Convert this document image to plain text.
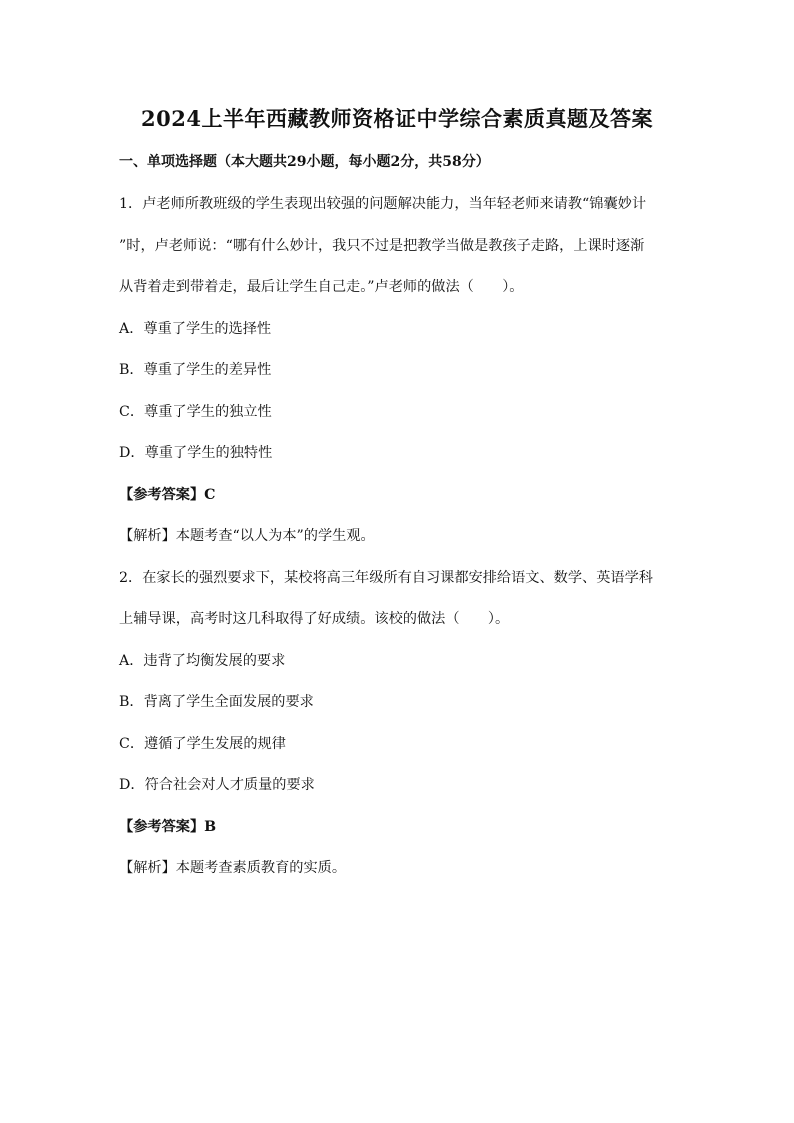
2024上半年西藏教师资格证中学综合素质真题及答案
一、单项选择题（本大题共29小题，每小题2分，共58分）
1．卢老师所教班级的学生表现出较强的问题解决能力，当年轻老师来请教“锦囊妙计
”时，卢老师说：“哪有什么妙计，我只不过是把教学当做是教孩子走路，上课时逐渐
从背着走到带着走，最后让学生自己走。”卢老师的做法（　　）。
A．尊重了学生的选择性
B．尊重了学生的差异性
C．尊重了学生的独立性
D．尊重了学生的独特性
【参考答案】C
【解析】本题考查“以人为本”的学生观。
2．在家长的强烈要求下，某校将高三年级所有自习课都安排给语文、数学、英语学科
上辅导课，高考时这几科取得了好成绩。该校的做法（　　）。
A．违背了均衡发展的要求
B．背离了学生全面发展的要求
C．遵循了学生发展的规律
D．符合社会对人才质量的要求
【参考答案】B
【解析】本题考查素质教育的实质。
